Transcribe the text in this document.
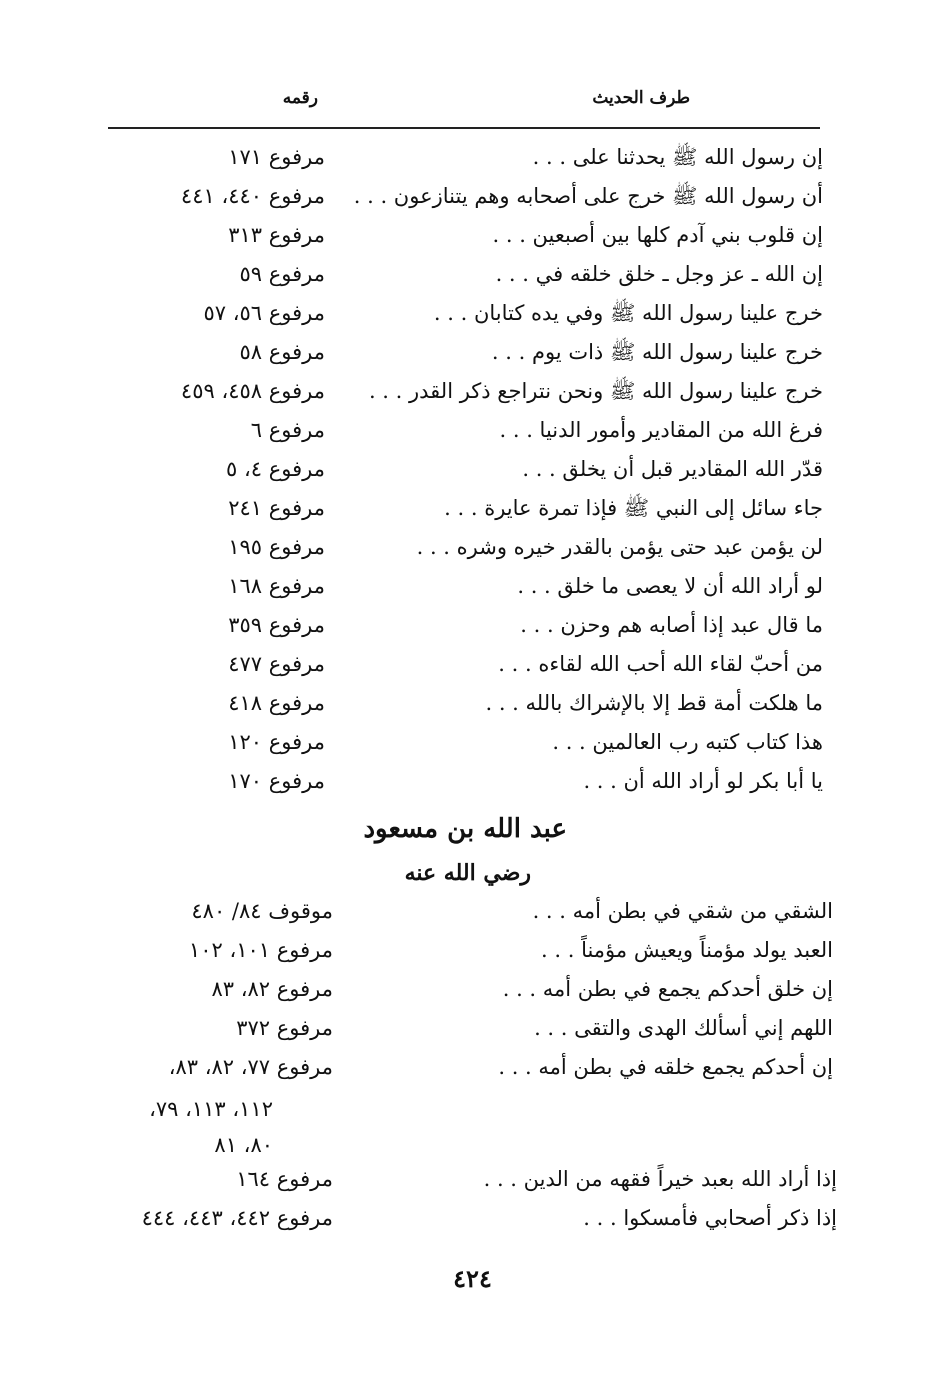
طرف الحديث
رقمه
إن رسول الله ﷺ يحدثنا على . . .
مرفوع ١٧١
أن رسول الله ﷺ خرج على أصحابه وهم يتنازعون . . .
مرفوع ٤٤٠، ٤٤١
إن قلوب بني آدم كلها بين أصبعين . . .
مرفوع ٣١٣
إن الله ـ عز وجل ـ خلق خلقه في . . .
مرفوع ٥٩
خرج علينا رسول الله ﷺ وفي يده كتابان . . .
مرفوع ٥٦، ٥٧
خرج علينا رسول الله ﷺ ذات يوم . . .
مرفوع ٥٨
خرج علينا رسول الله ﷺ ونحن نتراجع ذكر القدر . . .
مرفوع ٤٥٨، ٤٥٩
فرغ الله من المقادير وأمور الدنيا . . .
مرفوع ٦
قدّر الله المقادير قبل أن يخلق . . .
مرفوع ٤، ٥
جاء سائل إلى النبي ﷺ فإذا تمرة عايرة . . .
مرفوع ٢٤١
لن يؤمن عبد حتى يؤمن بالقدر خيره وشره . . .
مرفوع ١٩٥
لو أراد الله أن لا يعصى ما خلق . . .
مرفوع ١٦٨
ما قال عبد إذا أصابه هم وحزن . . .
مرفوع ٣٥٩
من أحبّ لقاء الله أحب الله لقاءه . . .
مرفوع ٤٧٧
ما هلكت أمة قط إلا بالإشراك بالله . . .
مرفوع ٤١٨
هذا كتاب كتبه رب العالمين . . .
مرفوع ١٢٠
يا أبا بكر لو أراد الله أن . . .
مرفوع ١٧٠
عبد الله بن مسعود
رضي الله عنه
الشقي من شقي في بطن أمه . . .
موقوف ٨٤/ ٤٨٠
العبد يولد مؤمناً ويعيش مؤمناً . . .
مرفوع ١٠١، ١٠٢
إن خلق أحدكم يجمع في بطن أمه . . .
مرفوع ٨٢، ٨٣
اللهم إني أسألك الهدى والتقى . . .
مرفوع ٣٧٢
إن أحدكم يجمع خلقه في بطن أمه . . .
مرفوع ٧٧، ٨٢، ٨٣،
١١٢، ١١٣، ٧٩،
٨٠، ٨١
إذا أراد الله بعبد خيراً فقهه من الدين . . .
مرفوع ١٦٤
إذا ذكر أصحابي فأمسكوا . . .
مرفوع ٤٤٢، ٤٤٣، ٤٤٤
٤٢٤
